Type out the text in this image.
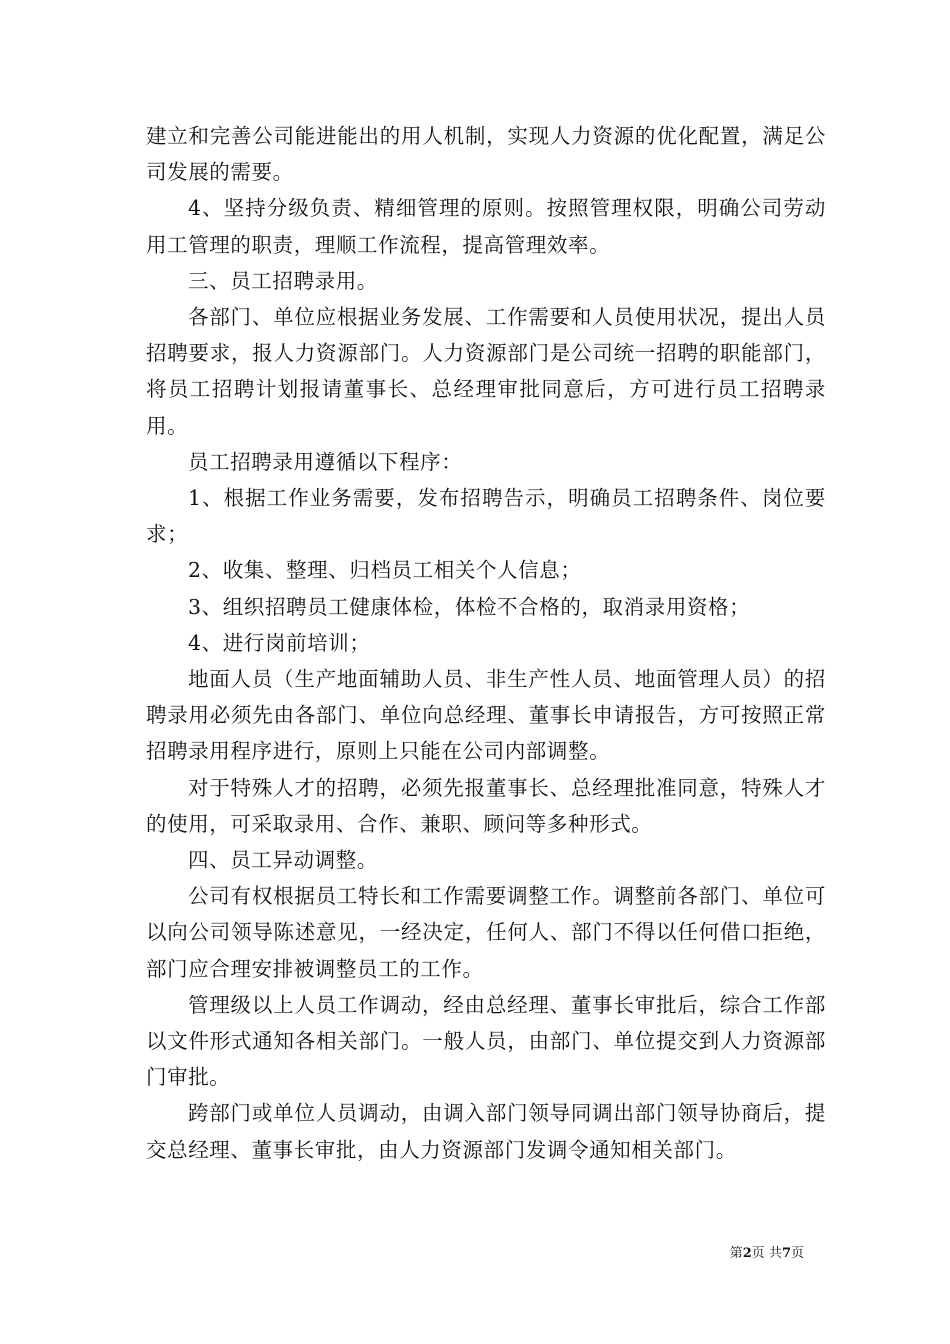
建立和完善公司能进能出的用人机制，实现人力资源的优化配置，满足公司发展的需要。

4、坚持分级负责、精细管理的原则。按照管理权限，明确公司劳动用工管理的职责，理顺工作流程，提高管理效率。

三、员工招聘录用。

各部门、单位应根据业务发展、工作需要和人员使用状况，提出人员招聘要求，报人力资源部门。人力资源部门是公司统一招聘的职能部门，将员工招聘计划报请董事长、总经理审批同意后，方可进行员工招聘录用。

员工招聘录用遵循以下程序：

1、根据工作业务需要，发布招聘告示，明确员工招聘条件、岗位要求；

2、收集、整理、归档员工相关个人信息；

3、组织招聘员工健康体检，体检不合格的，取消录用资格；

4、进行岗前培训；

地面人员（生产地面辅助人员、非生产性人员、地面管理人员）的招聘录用必须先由各部门、单位向总经理、董事长申请报告，方可按照正常招聘录用程序进行，原则上只能在公司内部调整。

对于特殊人才的招聘，必须先报董事长、总经理批准同意，特殊人才的使用，可采取录用、合作、兼职、顾问等多种形式。

四、员工异动调整。

公司有权根据员工特长和工作需要调整工作。调整前各部门、单位可以向公司领导陈述意见，一经决定，任何人、部门不得以任何借口拒绝，部门应合理安排被调整员工的工作。

管理级以上人员工作调动，经由总经理、董事长审批后，综合工作部以文件形式通知各相关部门。一般人员，由部门、单位提交到人力资源部门审批。

跨部门或单位人员调动，由调入部门领导同调出部门领导协商后，提交总经理、董事长审批，由人力资源部门发调令通知相关部门。

第2页 共7页
